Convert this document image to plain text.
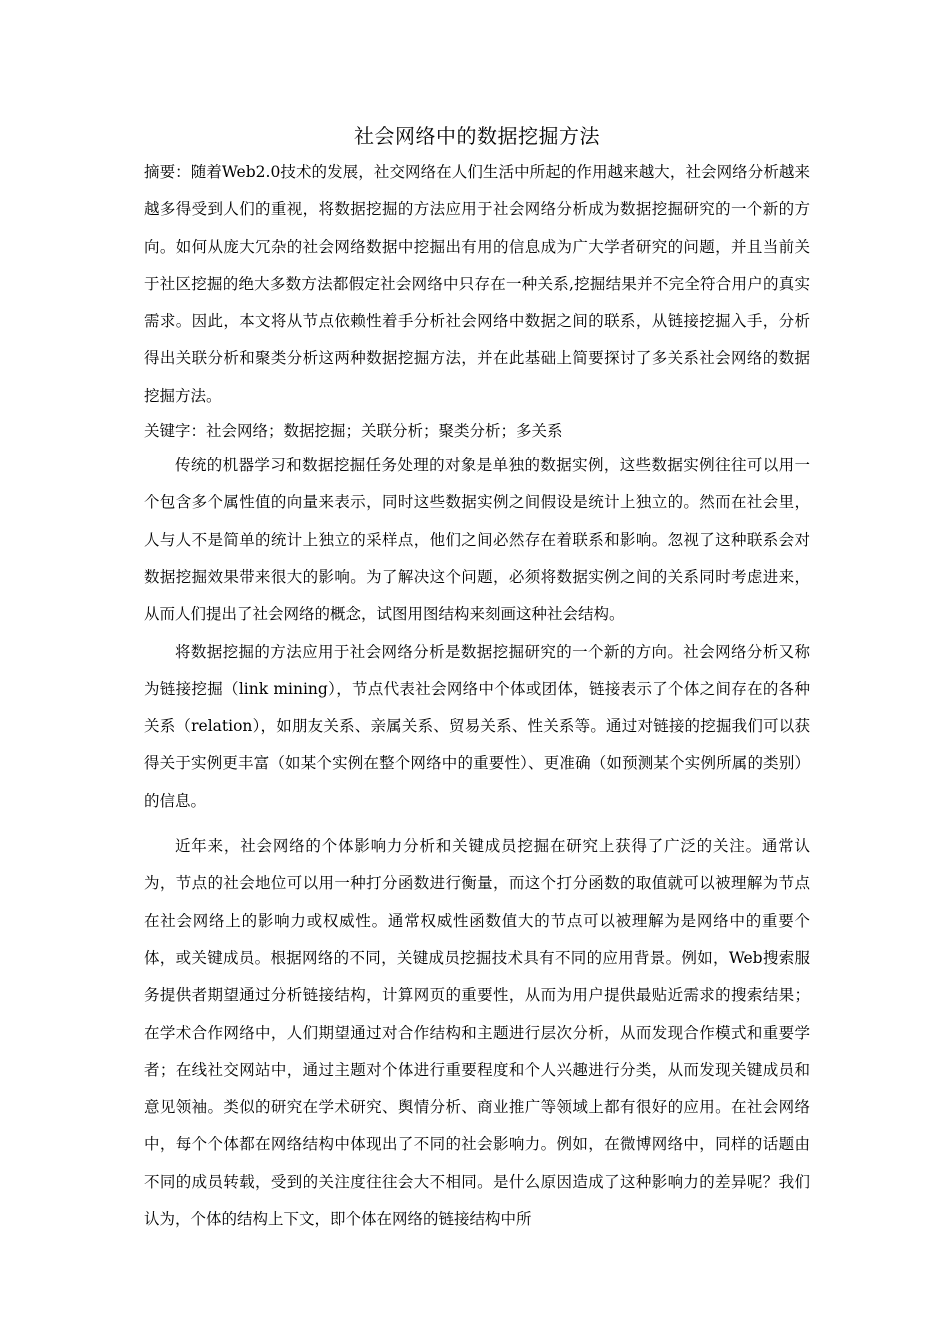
社会网络中的数据挖掘方法

摘要：随着Web2.0技术的发展，社交网络在人们生活中所起的作用越来越大，社会网络分析越来越多得受到人们的重视，将数据挖掘的方法应用于社会网络分析成为数据挖掘研究的一个新的方向。如何从庞大冗杂的社会网络数据中挖掘出有用的信息成为广大学者研究的问题，并且当前关于社区挖掘的绝大多数方法都假定社会网络中只存在一种关系,挖掘结果并不完全符合用户的真实需求。因此，本文将从节点依赖性着手分析社会网络中数据之间的联系，从链接挖掘入手，分析得出关联分析和聚类分析这两种数据挖掘方法，并在此基础上简要探讨了多关系社会网络的数据挖掘方法。

关键字：社会网络；数据挖掘；关联分析；聚类分析；多关系

传统的机器学习和数据挖掘任务处理的对象是单独的数据实例，这些数据实例往往可以用一个包含多个属性值的向量来表示，同时这些数据实例之间假设是统计上独立的。然而在社会里，人与人不是简单的统计上独立的采样点，他们之间必然存在着联系和影响。忽视了这种联系会对数据挖掘效果带来很大的影响。为了解决这个问题，必须将数据实例之间的关系同时考虑进来，从而人们提出了社会网络的概念，试图用图结构来刻画这种社会结构。

将数据挖掘的方法应用于社会网络分析是数据挖掘研究的一个新的方向。社会网络分析又称为链接挖掘（link mining），节点代表社会网络中个体或团体，链接表示了个体之间存在的各种关系（relation），如朋友关系、亲属关系、贸易关系、性关系等。通过对链接的挖掘我们可以获得关于实例更丰富（如某个实例在整个网络中的重要性）、更准确（如预测某个实例所属的类别）的信息。

近年来，社会网络的个体影响力分析和关键成员挖掘在研究上获得了广泛的关注。通常认为，节点的社会地位可以用一种打分函数进行衡量，而这个打分函数的取值就可以被理解为节点在社会网络上的影响力或权威性。通常权威性函数值大的节点可以被理解为是网络中的重要个体，或关键成员。根据网络的不同，关键成员挖掘技术具有不同的应用背景。例如，Web搜索服务提供者期望通过分析链接结构，计算网页的重要性，从而为用户提供最贴近需求的搜索结果；在学术合作网络中，人们期望通过对合作结构和主题进行层次分析，从而发现合作模式和重要学者；在线社交网站中，通过主题对个体进行重要程度和个人兴趣进行分类，从而发现关键成员和意见领袖。类似的研究在学术研究、舆情分析、商业推广等领域上都有很好的应用。在社会网络中，每个个体都在网络结构中体现出了不同的社会影响力。例如，在微博网络中，同样的话题由不同的成员转载，受到的关注度往往会大不相同。是什么原因造成了这种影响力的差异呢？我们认为，个体的结构上下文，即个体在网络的链接结构中所
